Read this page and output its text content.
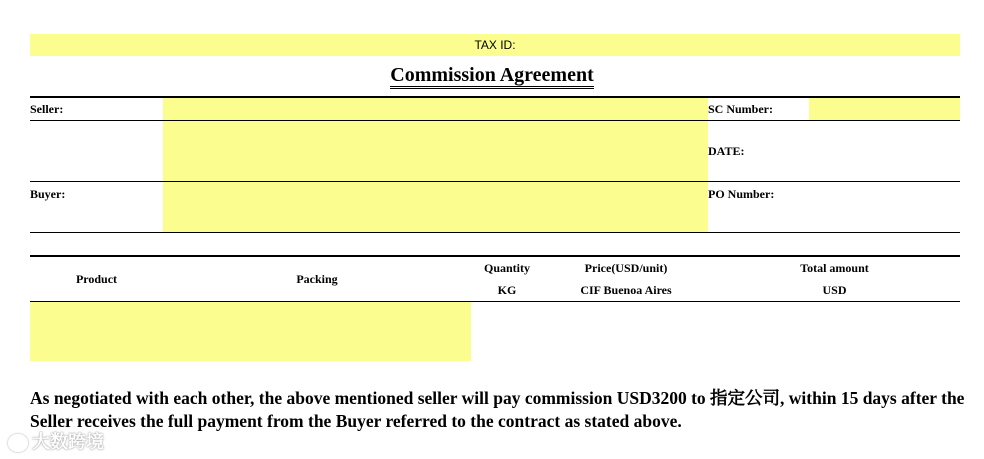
TAX ID:
Commission Agreement
Seller:
Buyer:
SC Number:
DATE:
PO Number:
Product	Packing
Quantity
KG
Price(USD/unit)
CIF Buenoa Aires
Total amount
USD
As negotiated with each other, the above mentioned seller will pay commission USD3200 to 指定公司, within 15 days after the Seller receives the full payment from the Buyer referred to the contract as stated above.
大数跨境
